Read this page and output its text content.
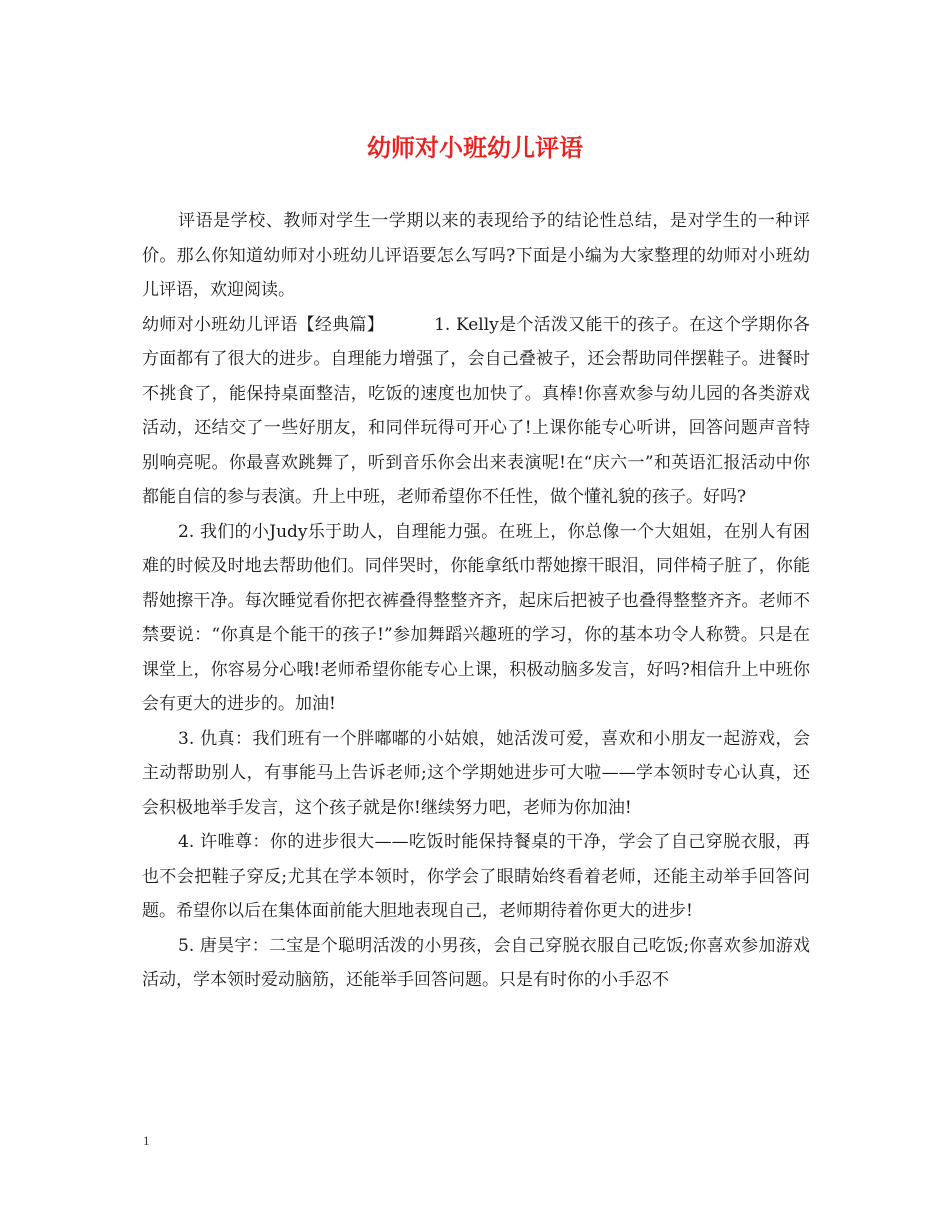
幼师对小班幼儿评语

评语是学校、教师对学生一学期以来的表现给予的结论性总结，是对学生的一种评价。那么你知道幼师对小班幼儿评语要怎么写吗?下面是小编为大家整理的幼师对小班幼儿评语，欢迎阅读。

幼师对小班幼儿评语【经典篇】	1. Kelly是个活泼又能干的孩子。在这个学期你各方面都有了很大的进步。自理能力增强了，会自己叠被子，还会帮助同伴摆鞋子。进餐时不挑食了，能保持桌面整洁，吃饭的速度也加快了。真棒!你喜欢参与幼儿园的各类游戏活动，还结交了一些好朋友，和同伴玩得可开心了!上课你能专心听讲，回答问题声音特别响亮呢。你最喜欢跳舞了，听到音乐你会出来表演呢!在“庆六一”和英语汇报活动中你都能自信的参与表演。升上中班，老师希望你不任性，做个懂礼貌的孩子。好吗?

2. 我们的小Judy乐于助人，自理能力强。在班上，你总像一个大姐姐，在别人有困难的时候及时地去帮助他们。同伴哭时，你能拿纸巾帮她擦干眼泪，同伴椅子脏了，你能帮她擦干净。每次睡觉看你把衣裤叠得整整齐齐，起床后把被子也叠得整整齐齐。老师不禁要说：“你真是个能干的孩子!”参加舞蹈兴趣班的学习，你的基本功令人称赞。只是在课堂上，你容易分心哦!老师希望你能专心上课，积极动脑多发言，好吗?相信升上中班你会有更大的进步的。加油!

3. 仇真：我们班有一个胖嘟嘟的小姑娘，她活泼可爱，喜欢和小朋友一起游戏，会主动帮助别人，有事能马上告诉老师;这个学期她进步可大啦——学本领时专心认真，还会积极地举手发言，这个孩子就是你!继续努力吧，老师为你加油!

4. 许唯尊：你的进步很大——吃饭时能保持餐桌的干净，学会了自己穿脱衣服，再也不会把鞋子穿反;尤其在学本领时，你学会了眼睛始终看着老师，还能主动举手回答问题。希望你以后在集体面前能大胆地表现自己，老师期待着你更大的进步!

5. 唐昊宇：二宝是个聪明活泼的小男孩，会自己穿脱衣服自己吃饭;你喜欢参加游戏活动，学本领时爱动脑筋，还能举手回答问题。只是有时你的小手忍不

1
